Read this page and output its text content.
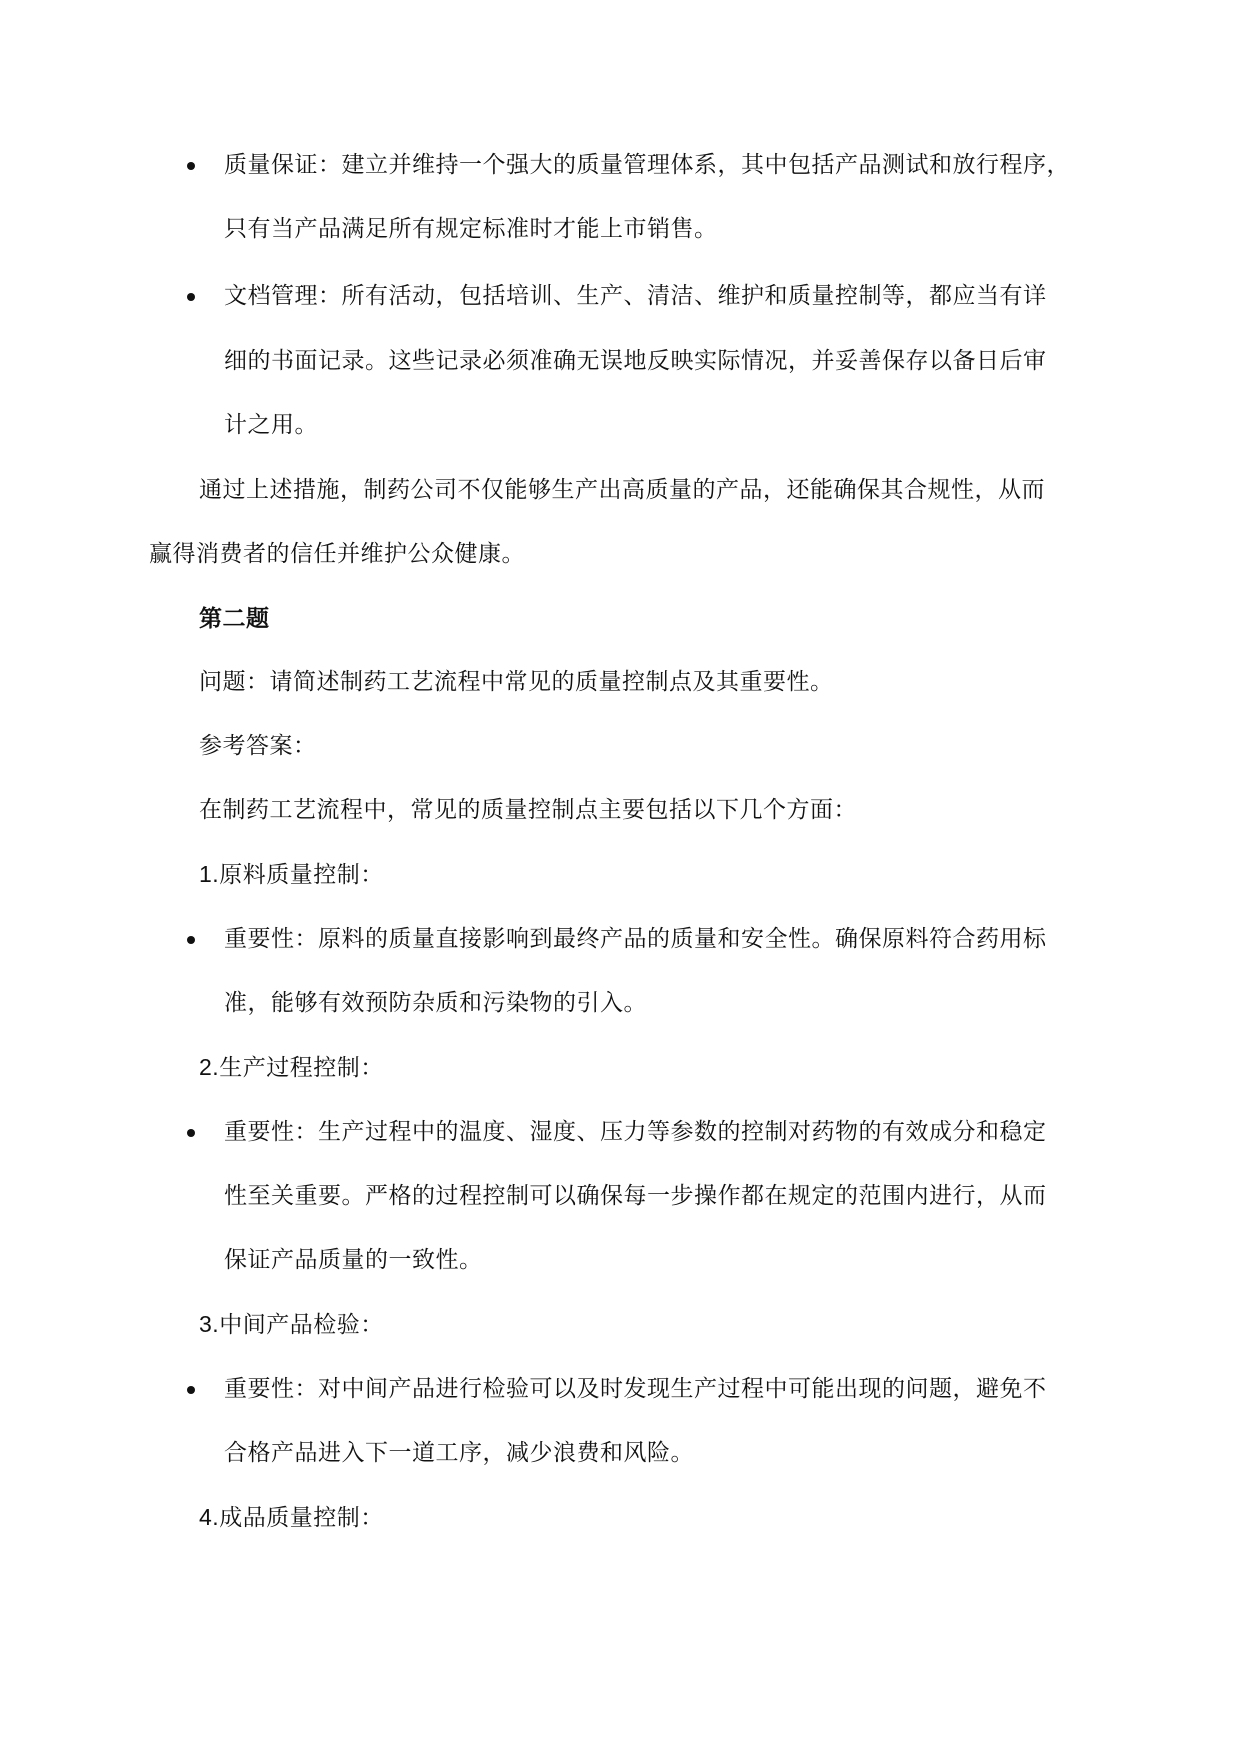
质量保证：建立并维持一个强大的质量管理体系，其中包括产品测试和放行程序，
只有当产品满足所有规定标准时才能上市销售。
文档管理：所有活动，包括培训、生产、清洁、维护和质量控制等，都应当有详
细的书面记录。这些记录必须准确无误地反映实际情况，并妥善保存以备日后审
计之用。
通过上述措施，制药公司不仅能够生产出高质量的产品，还能确保其合规性，从而
赢得消费者的信任并维护公众健康。
第二题
问题：请简述制药工艺流程中常见的质量控制点及其重要性。
参考答案：
在制药工艺流程中，常见的质量控制点主要包括以下几个方面：
1.原料质量控制：
重要性：原料的质量直接影响到最终产品的质量和安全性。确保原料符合药用标
准，能够有效预防杂质和污染物的引入。
2.生产过程控制：
重要性：生产过程中的温度、湿度、压力等参数的控制对药物的有效成分和稳定
性至关重要。严格的过程控制可以确保每一步操作都在规定的范围内进行，从而
保证产品质量的一致性。
3.中间产品检验：
重要性：对中间产品进行检验可以及时发现生产过程中可能出现的问题，避免不
合格产品进入下一道工序，减少浪费和风险。
4.成品质量控制：
